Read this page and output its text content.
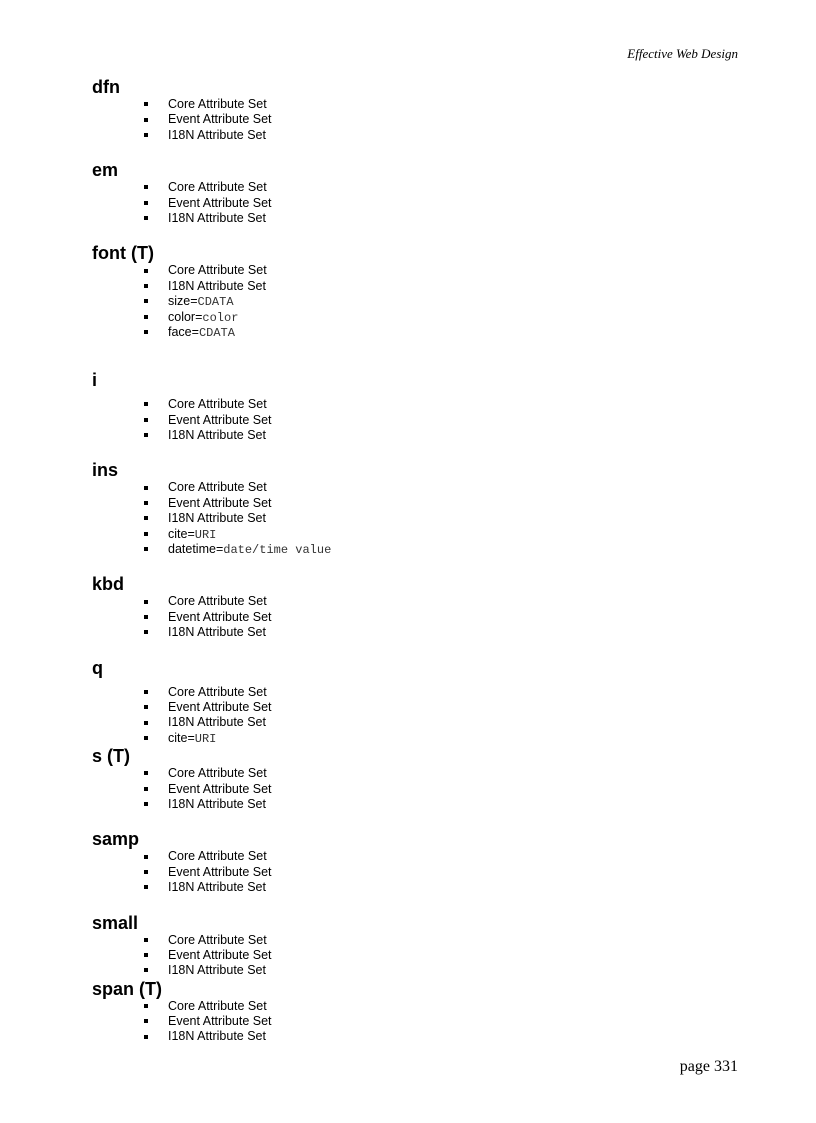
Effective Web Design
dfn
Core Attribute Set
Event Attribute Set
I18N Attribute Set
em
Core Attribute Set
Event Attribute Set
I18N Attribute Set
font (T)
Core Attribute Set
I18N Attribute Set
size=CDATA
color=color
face=CDATA
i
Core Attribute Set
Event Attribute Set
I18N Attribute Set
ins
Core Attribute Set
Event Attribute Set
I18N Attribute Set
cite=URI
datetime=date/time value
kbd
Core Attribute Set
Event Attribute Set
I18N Attribute Set
q
Core Attribute Set
Event Attribute Set
I18N Attribute Set
cite=URI
s (T)
Core Attribute Set
Event Attribute Set
I18N Attribute Set
samp
Core Attribute Set
Event Attribute Set
I18N Attribute Set
small
Core Attribute Set
Event Attribute Set
I18N Attribute Set
span (T)
Core Attribute Set
Event Attribute Set
I18N Attribute Set
page 331
